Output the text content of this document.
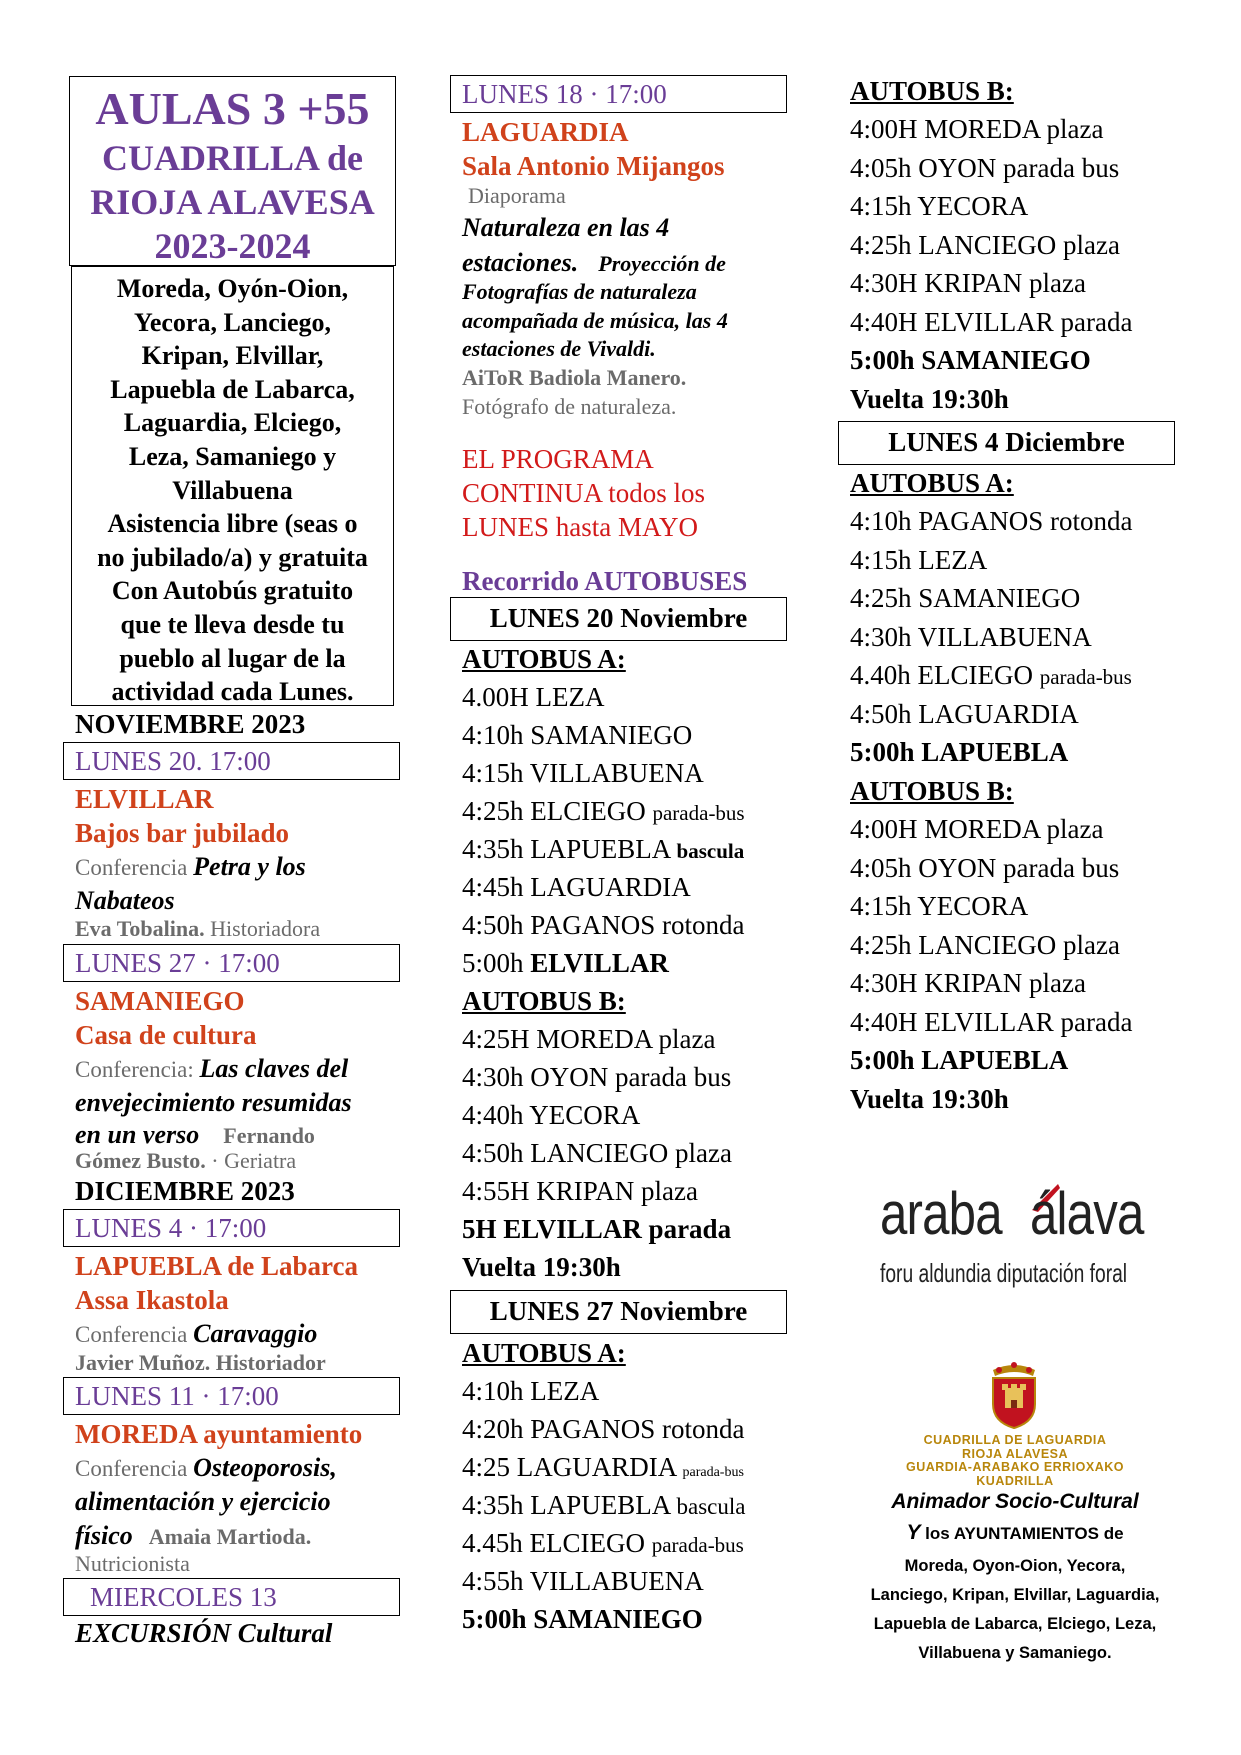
AULAS 3 +55
CUADRILLA de
RIOJA ALAVESA
2023-2024
Moreda, Oyón-Oion,
Yecora, Lanciego,
Kripan, Elvillar,
Lapuebla de Labarca,
Laguardia, Elciego,
Leza, Samaniego y
Villabuena
Asistencia libre (seas o
no jubilado/a) y gratuita
Con Autobús gratuito
que te lleva desde tu
pueblo al lugar de la
actividad cada Lunes.
NOVIEMBRE 2023
LUNES 20. 17:00
ELVILLAR
Bajos bar jubilado
Conferencia Petra y los
Nabateos
Eva Tobalina. Historiadora
LUNES 27 · 17:00
SAMANIEGO
Casa de cultura
Conferencia: Las claves del
envejecimiento resumidas
en un verso Fernando
Gómez Busto. · Geriatra
DICIEMBRE 2023
LUNES 4 · 17:00
LAPUEBLA de Labarca
Assa Ikastola
Conferencia Caravaggio
Javier Muñoz. Historiador
LUNES 11 · 17:00
MOREDA ayuntamiento
Conferencia Osteoporosis,
alimentación y ejercicio
físico Amaia Martioda.
Nutricionista
MIERCOLES 13
EXCURSIÓN Cultural
LUNES 18 · 17:00
LAGUARDIA
Sala Antonio Mijangos
Diaporama
Naturaleza en las 4
estaciones. Proyección de
Fotografías de naturaleza
acompañada de música, las 4
estaciones de Vivaldi.
AiToR Badiola Manero.
Fotógrafo de naturaleza.
EL PROGRAMA
CONTINUA todos los
LUNES hasta MAYO
Recorrido AUTOBUSES
LUNES 20 Noviembre
AUTOBUS A:
4.00H LEZA
4:10h SAMANIEGO
4:15h VILLABUENA
4:25h ELCIEGO parada-bus
4:35h LAPUEBLA bascula
4:45h LAGUARDIA
4:50h PAGANOS rotonda
5:00h ELVILLAR
AUTOBUS B:
4:25H MOREDA plaza
4:30h OYON parada bus
4:40h YECORA
4:50h LANCIEGO plaza
4:55H KRIPAN plaza
5H ELVILLAR parada
Vuelta 19:30h
LUNES 27 Noviembre
AUTOBUS A:
4:10h LEZA
4:20h PAGANOS rotonda
4:25 LAGUARDIA parada-bus
4:35h LAPUEBLA bascula
4.45h ELCIEGO parada-bus
4:55h VILLABUENA
5:00h SAMANIEGO
AUTOBUS B:
4:00H MOREDA plaza
4:05h OYON parada bus
4:15h YECORA
4:25h LANCIEGO plaza
4:30H KRIPAN plaza
4:40H ELVILLAR parada
5:00h SAMANIEGO
Vuelta 19:30h
LUNES 4 Diciembre
AUTOBUS A:
4:10h PAGANOS rotonda
4:15h LEZA
4:25h SAMANIEGO
4:30h VILLABUENA
4.40h ELCIEGO parada-bus
4:50h LAGUARDIA
5:00h LAPUEBLA
AUTOBUS B:
4:00H MOREDA plaza
4:05h OYON parada bus
4:15h YECORA
4:25h LANCIEGO plaza
4:30H KRIPAN plaza
4:40H ELVILLAR parada
5:00h LAPUEBLA
Vuelta 19:30h
araba álava
foru aldundia diputación foral
CUADRILLA DE LAGUARDIA
RIOJA ALAVESA
GUARDIA-ARABAKO ERRIOXAKO
KUADRILLA
Animador Socio-Cultural
Y los AYUNTAMIENTOS de
Moreda, Oyon-Oion, Yecora,
Lanciego, Kripan, Elvillar, Laguardia,
Lapuebla de Labarca, Elciego, Leza,
Villabuena y Samaniego.
